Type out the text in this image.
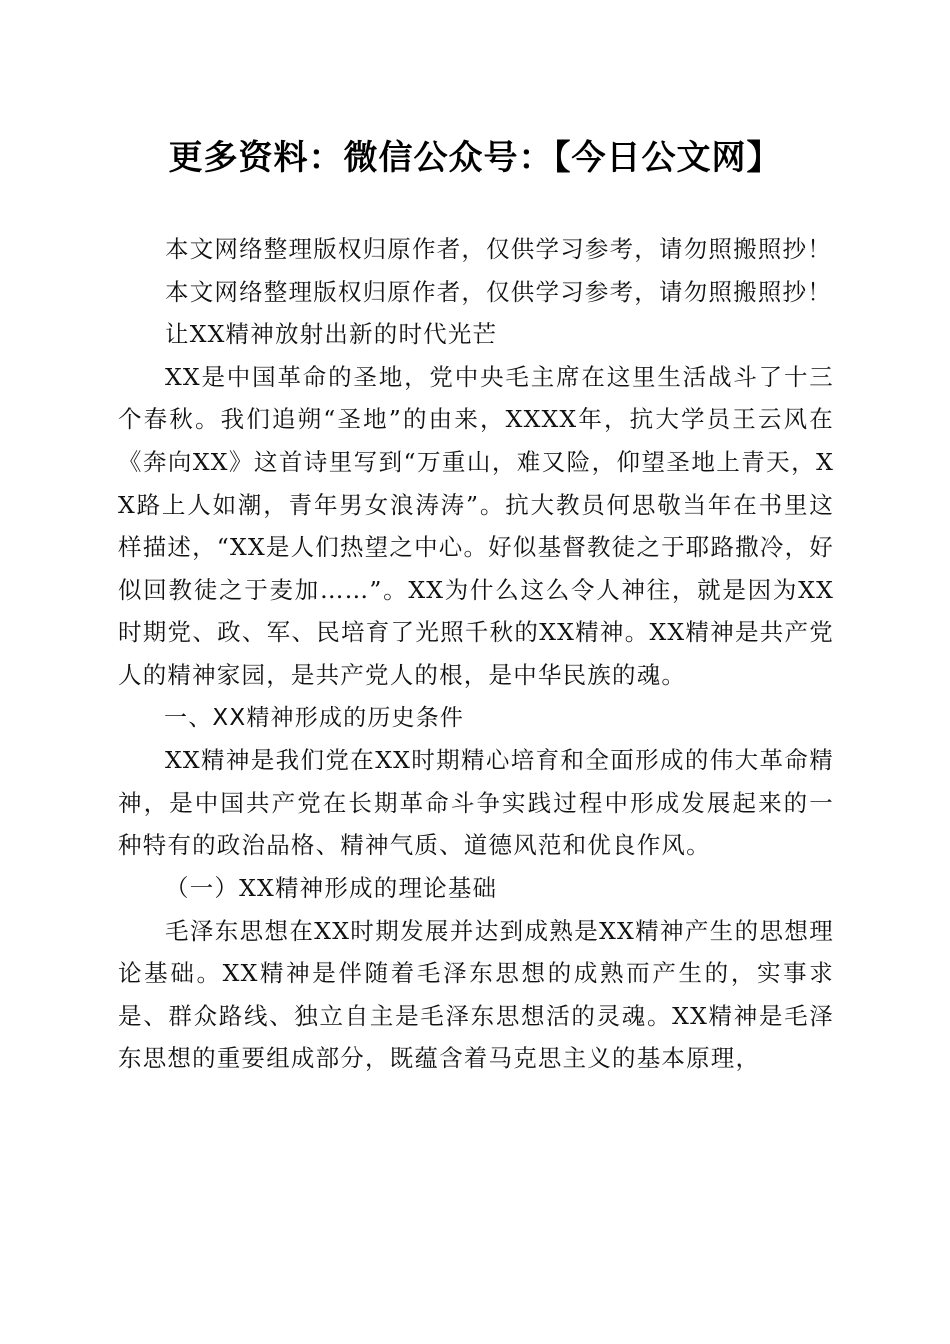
更多资料：微信公众号：【今日公文网】

本文网络整理版权归原作者，仅供学习参考，请勿照搬照抄！

本文网络整理版权归原作者，仅供学习参考，请勿照搬照抄！

让XX精神放射出新的时代光芒

XX是中国革命的圣地，党中央毛主席在这里生活战斗了十三个春秋。我们追朔“圣地”的由来，XXXX年，抗大学员王云风在《奔向XX》这首诗里写到“万重山，难又险，仰望圣地上青天，XX路上人如潮，青年男女浪涛涛”。抗大教员何思敬当年在书里这样描述，“XX是人们热望之中心。好似基督教徒之于耶路撒冷，好似回教徒之于麦加……”。XX为什么这么令人神往，就是因为XX时期党、政、军、民培育了光照千秋的XX精神。XX精神是共产党人的精神家园，是共产党人的根，是中华民族的魂。

一、XX精神形成的历史条件

XX精神是我们党在XX时期精心培育和全面形成的伟大革命精神，是中国共产党在长期革命斗争实践过程中形成发展起来的一种特有的政治品格、精神气质、道德风范和优良作风。

（一）XX精神形成的理论基础

毛泽东思想在XX时期发展并达到成熟是XX精神产生的思想理论基础。XX精神是伴随着毛泽东思想的成熟而产生的，实事求是、群众路线、独立自主是毛泽东思想活的灵魂。XX精神是毛泽东思想的重要组成部分，既蕴含着马克思主义的基本原理，
